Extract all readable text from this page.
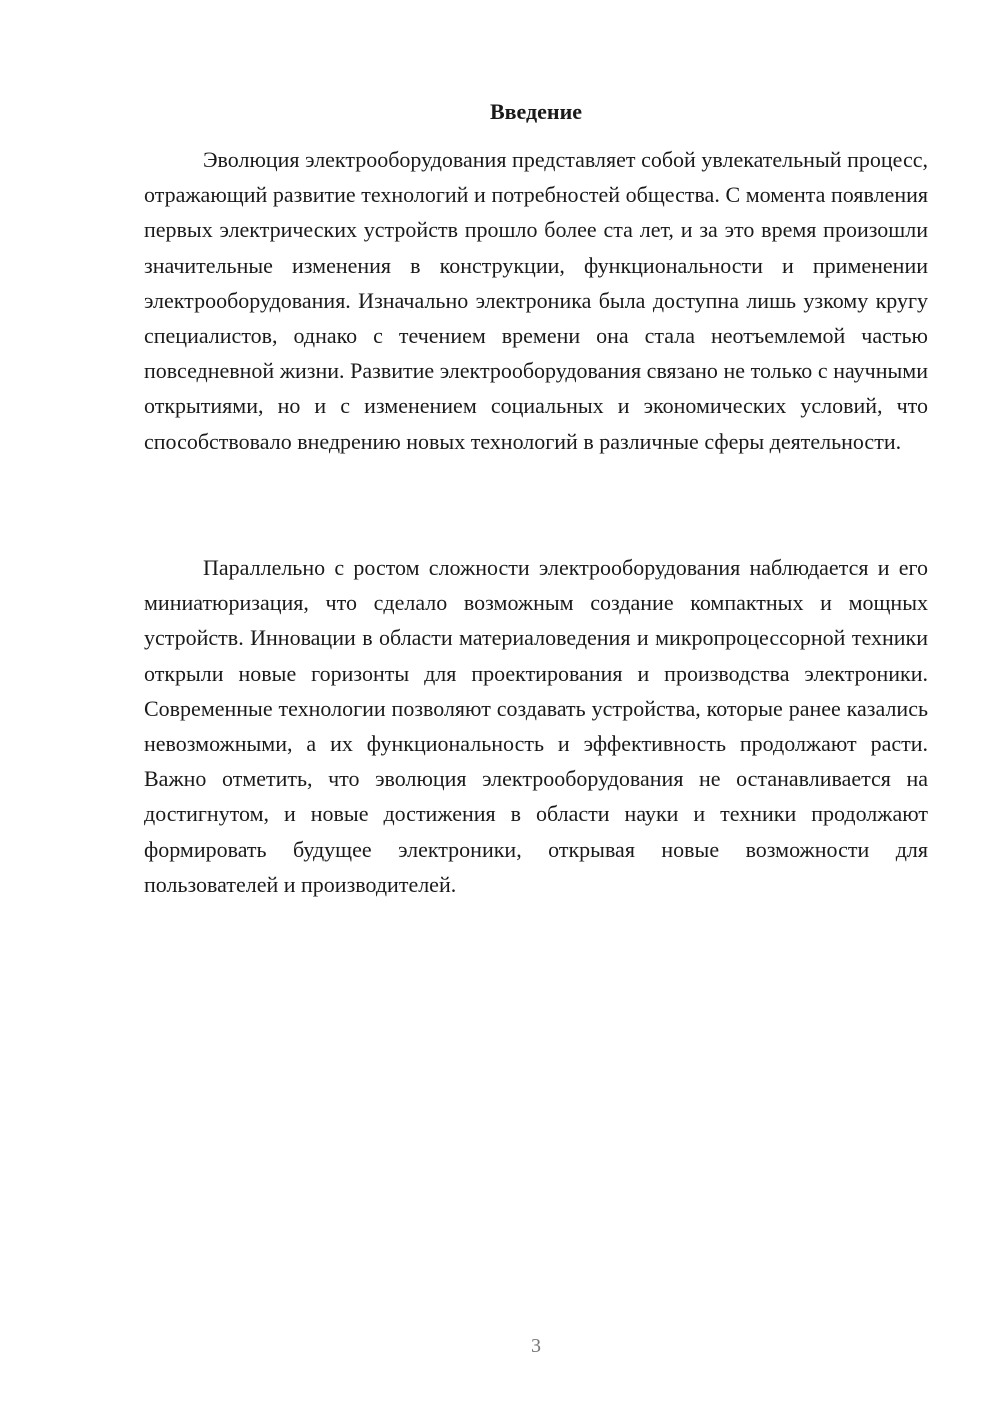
Введение

Эволюция электрооборудования представляет собой увлекательный процесс, отражающий развитие технологий и потребностей общества. С момента появления первых электрических устройств прошло более ста лет, и за это время произошли значительные изменения в конструкции, функциональности и применении электрооборудования. Изначально электроника была доступна лишь узкому кругу специалистов, однако с течением времени она стала неотъемлемой частью повседневной жизни. Развитие электрооборудования связано не только с научными открытиями, но и с изменением социальных и экономических условий, что способствовало внедрению новых технологий в различные сферы деятельности.

Параллельно с ростом сложности электрооборудования наблюдается и его миниатюризация, что сделало возможным создание компактных и мощных устройств. Инновации в области материаловедения и микропроцессорной техники открыли новые горизонты для проектирования и производства электроники. Современные технологии позволяют создавать устройства, которые ранее казались невозможными, а их функциональность и эффективность продолжают расти. Важно отметить, что эволюция электрооборудования не останавливается на достигнутом, и новые достижения в области науки и техники продолжают формировать будущее электроники, открывая новые возможности для пользователей и производителей.

3
